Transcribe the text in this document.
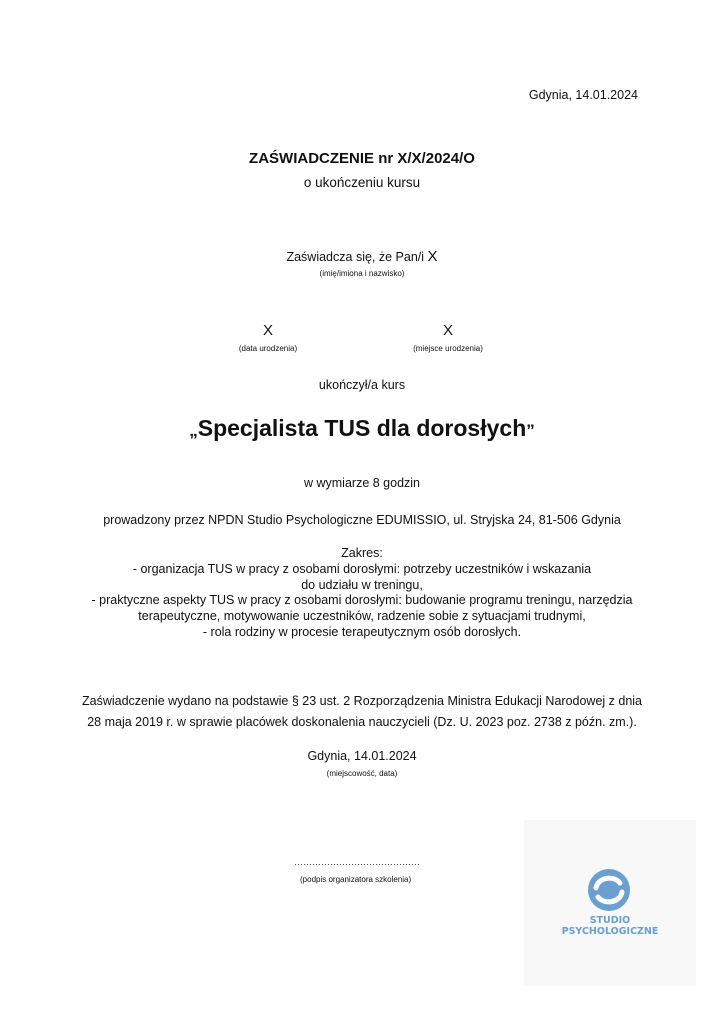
Gdynia, 14.01.2024
ZAŚWIADCZENIE nr X/X/2024/O
o ukończeniu kursu
Zaświadcza się, że Pan/i X
(imię/imiona i nazwisko)
X
(data urodzenia)
X
(miejsce urodzenia)
ukończył/a kurs
„Specjalista TUS dla dorosłych”
w wymiarze 8 godzin
prowadzony przez NPDN Studio Psychologiczne EDUMISSIO, ul. Stryjska 24, 81-506 Gdynia
Zakres:
- organizacja TUS w pracy z osobami dorosłymi: potrzeby uczestników i wskazania
do udziału w treningu,
- praktyczne aspekty TUS w pracy z osobami dorosłymi: budowanie programu treningu, narzędzia
terapeutyczne, motywowanie uczestników, radzenie sobie z sytuacjami trudnymi,
- rola rodziny w procesie terapeutycznym osób dorosłych.
Zaświadczenie wydano na podstawie § 23 ust. 2 Rozporządzenia Ministra Edukacji Narodowej z dnia
28 maja 2019 r. w sprawie placówek doskonalenia nauczycieli (Dz. U. 2023 poz. 2738 z późn. zm.).
Gdynia, 14.01.2024
(miejscowość, data)
……………………………………
(podpis organizatora szkolenia)
STUDIO
PSYCHOLOGICZNE
